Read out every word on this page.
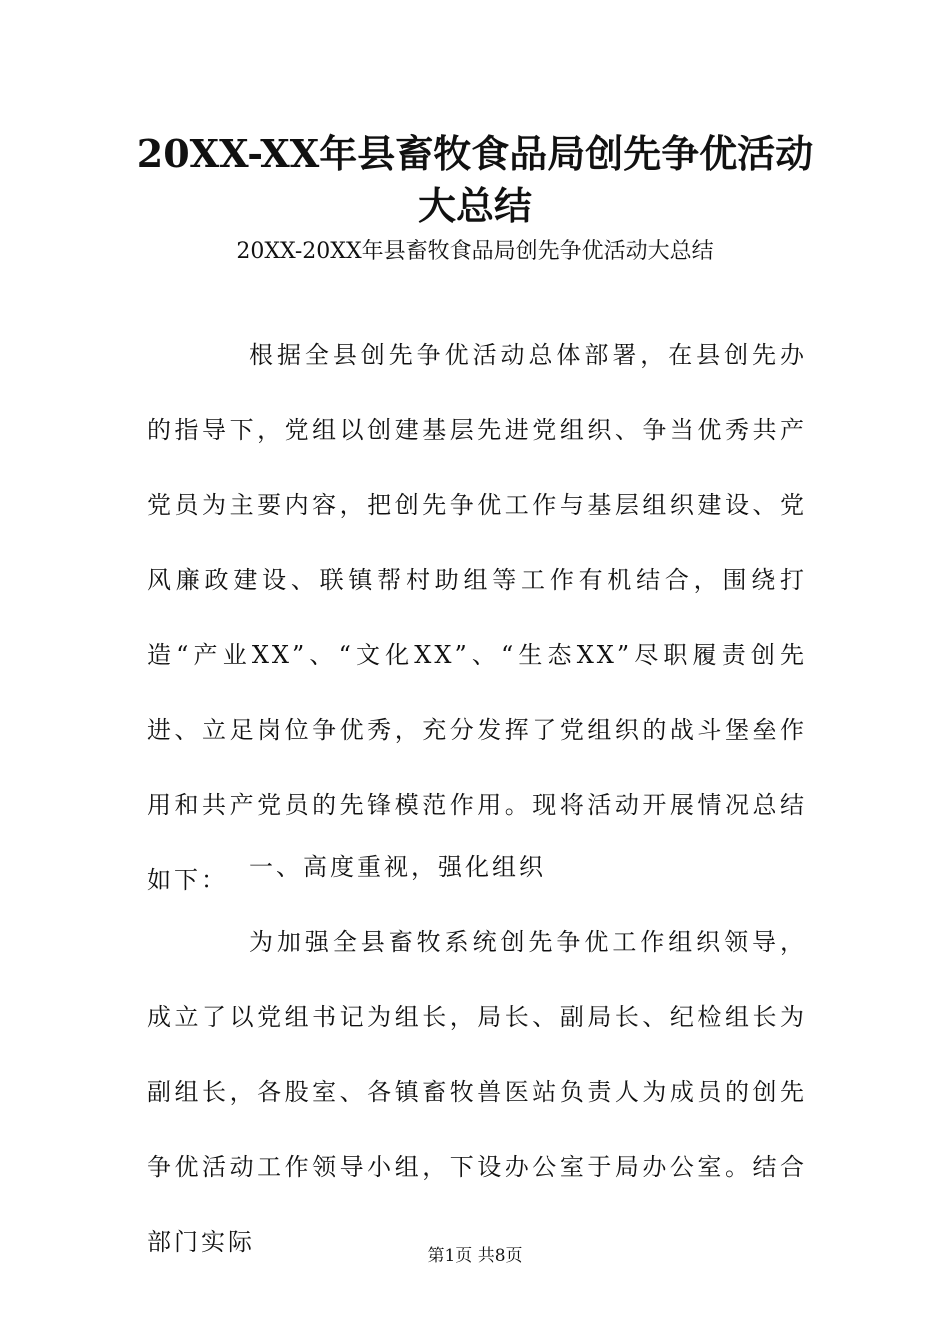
20XX-XX年县畜牧食品局创先争优活动大总结
20XX-20XX年县畜牧食品局创先争优活动大总结
根据全县创先争优活动总体部署，在县创先办的指导下，党组以创建基层先进党组织、争当优秀共产党员为主要内容，把创先争优工作与基层组织建设、党风廉政建设、联镇帮村助组等工作有机结合，围绕打造“产业XX”、“文化XX”、“生态XX”尽职履责创先进、立足岗位争优秀，充分发挥了党组织的战斗堡垒作用和共产党员的先锋模范作用。现将活动开展情况总结如下： 一、高度重视，强化组织
为加强全县畜牧系统创先争优工作组织领导，成立了以党组书记为组长，局长、副局长、纪检组长为副组长，各股室、各镇畜牧兽医站负责人为成员的创先争优活动工作领导小组，下设办公室于局办公室。结合部门实际	第1页 共8页
